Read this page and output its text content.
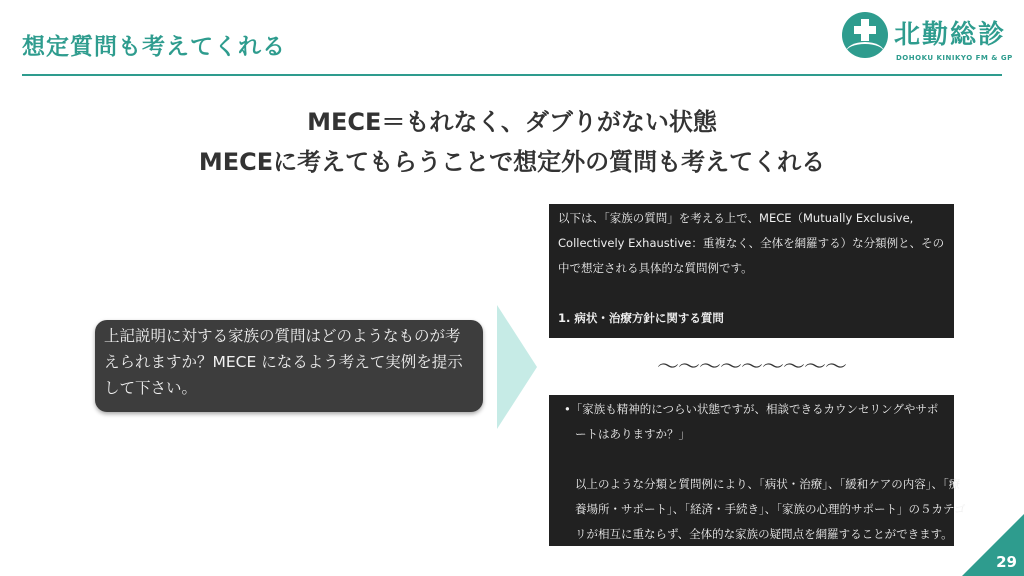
想定質問も考えてくれる	北勤総診
DOHOKU KINIKYO FM & GP
MECE＝もれなく、ダブりがない状態
MECEに考えてもらうことで想定外の質問も考えてくれる
上記説明に対する家族の質問はどのようなものが考
えられますか？MECE になるよう考えて実例を提示
して下さい。
以下は、「家族の質問」を考える上で、MECE（Mutually Exclusive,
Collectively Exhaustive：重複なく、全体を網羅する）な分類例と、その
中で想定される具体的な質問例です。
1. 病状・治療方針に関する質問
〜〜〜〜〜〜〜〜〜
•「家族も精神的につらい状態ですが、相談できるカウンセリングやサポ
ートはありますか？」
以上のような分類と質問例により、「病状・治療」、「緩和ケアの内容」、「療
養場所・サポート」、「経済・手続き」、「家族の心理的サポート」の５カテゴ
リが相互に重ならず、全体的な家族の疑問点を網羅することができます。
29
